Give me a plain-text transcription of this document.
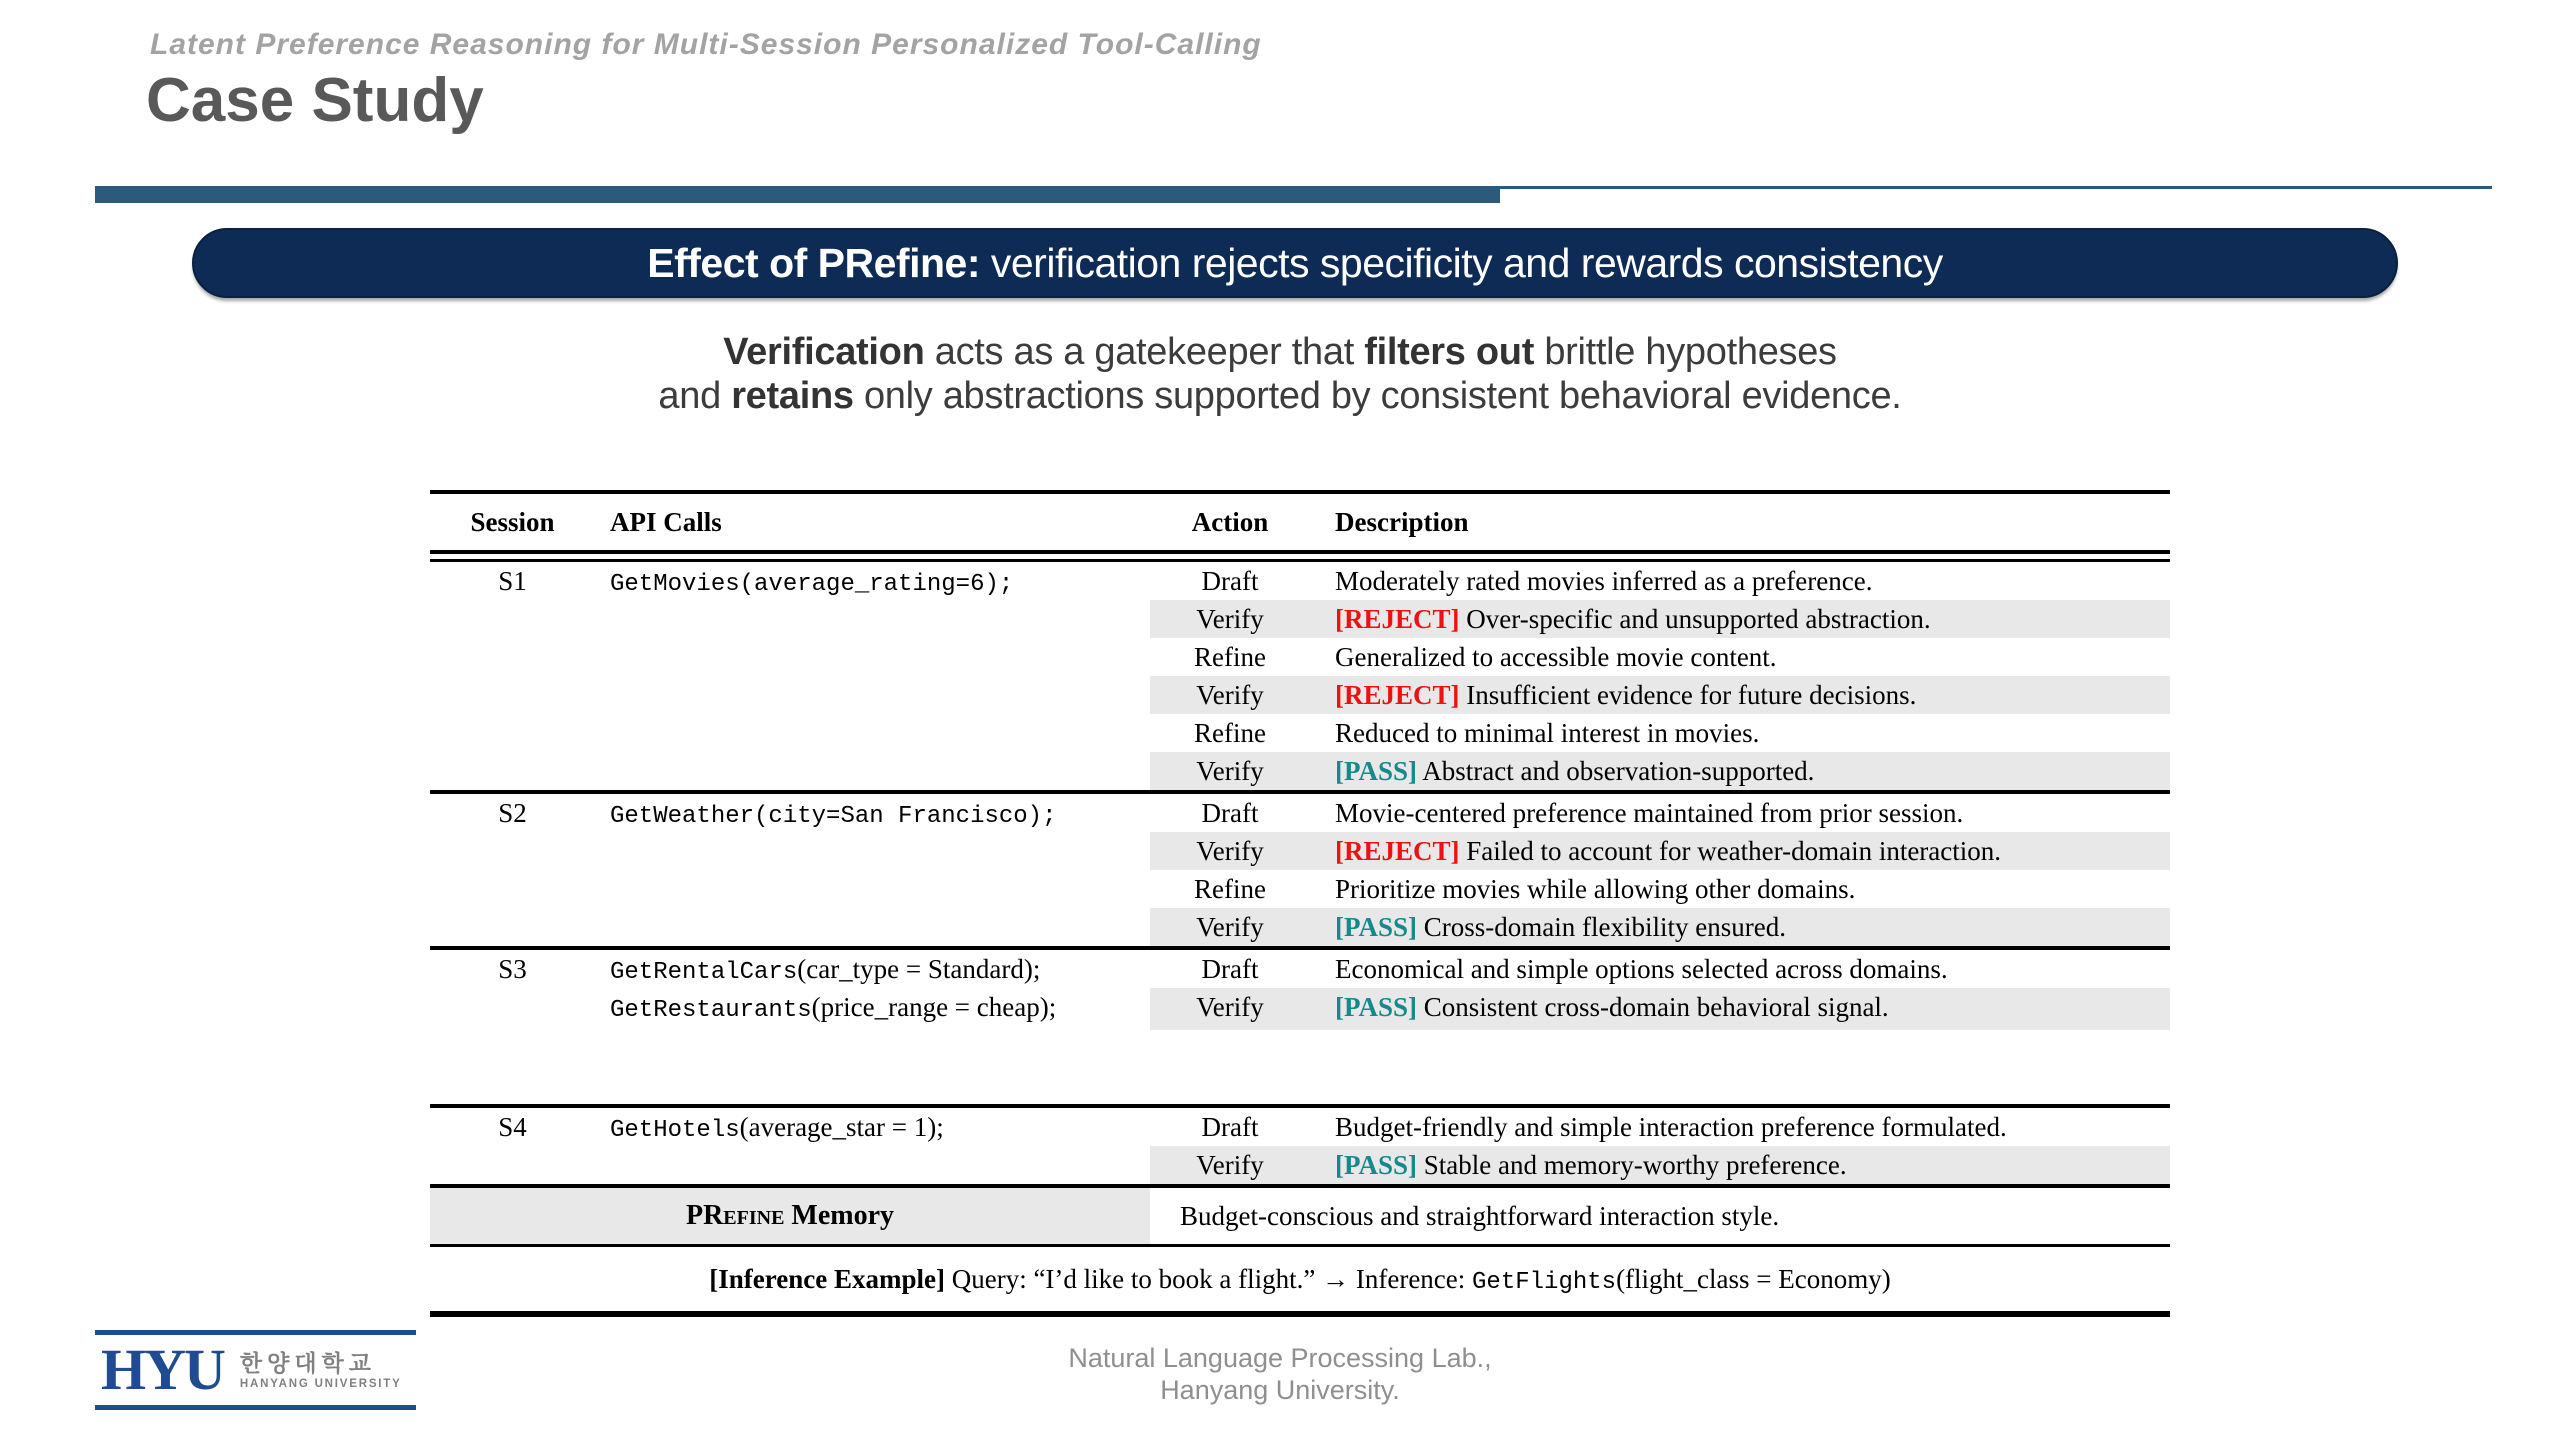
Latent Preference Reasoning for Multi-Session Personalized Tool-Calling
Case Study
Effect of PRefine: verification rejects specificity and rewards consistency
Verification acts as a gatekeeper that filters out brittle hypotheses
and retains only abstractions supported by consistent behavioral evidence.
Session	API Calls	Action	Description
S1	GetMovies(average_rating=6);	Draft	Moderately rated movies inferred as a preference.
Verify	[REJECT] Over-specific and unsupported abstraction.
Refine	Generalized to accessible movie content.
Verify	[REJECT] Insufficient evidence for future decisions.
Refine	Reduced to minimal interest in movies.
Verify	[PASS] Abstract and observation-supported.
S2	GetWeather(city=San Francisco);	Draft	Movie-centered preference maintained from prior session.
Verify	[REJECT] Failed to account for weather-domain interaction.
Refine	Prioritize movies while allowing other domains.
Verify	[PASS] Cross-domain flexibility ensured.
S3	GetRentalCars(car_type = Standard);	Draft	Economical and simple options selected across domains.
GetRestaurants(price_range = cheap);	Verify	[PASS] Consistent cross-domain behavioral signal.
S4	GetHotels(average_star = 1);	Draft	Budget-friendly and simple interaction preference formulated.
Verify	[PASS] Stable and memory-worthy preference.
PRefine Memory	Budget-conscious and straightforward interaction style.
[Inference Example] Query: “I’d like to book a flight.” → Inference: GetFlights(flight_class = Economy)
HYU 한양대학교
HANYANG UNIVERSITY
Natural Language Processing Lab.,
Hanyang University.
